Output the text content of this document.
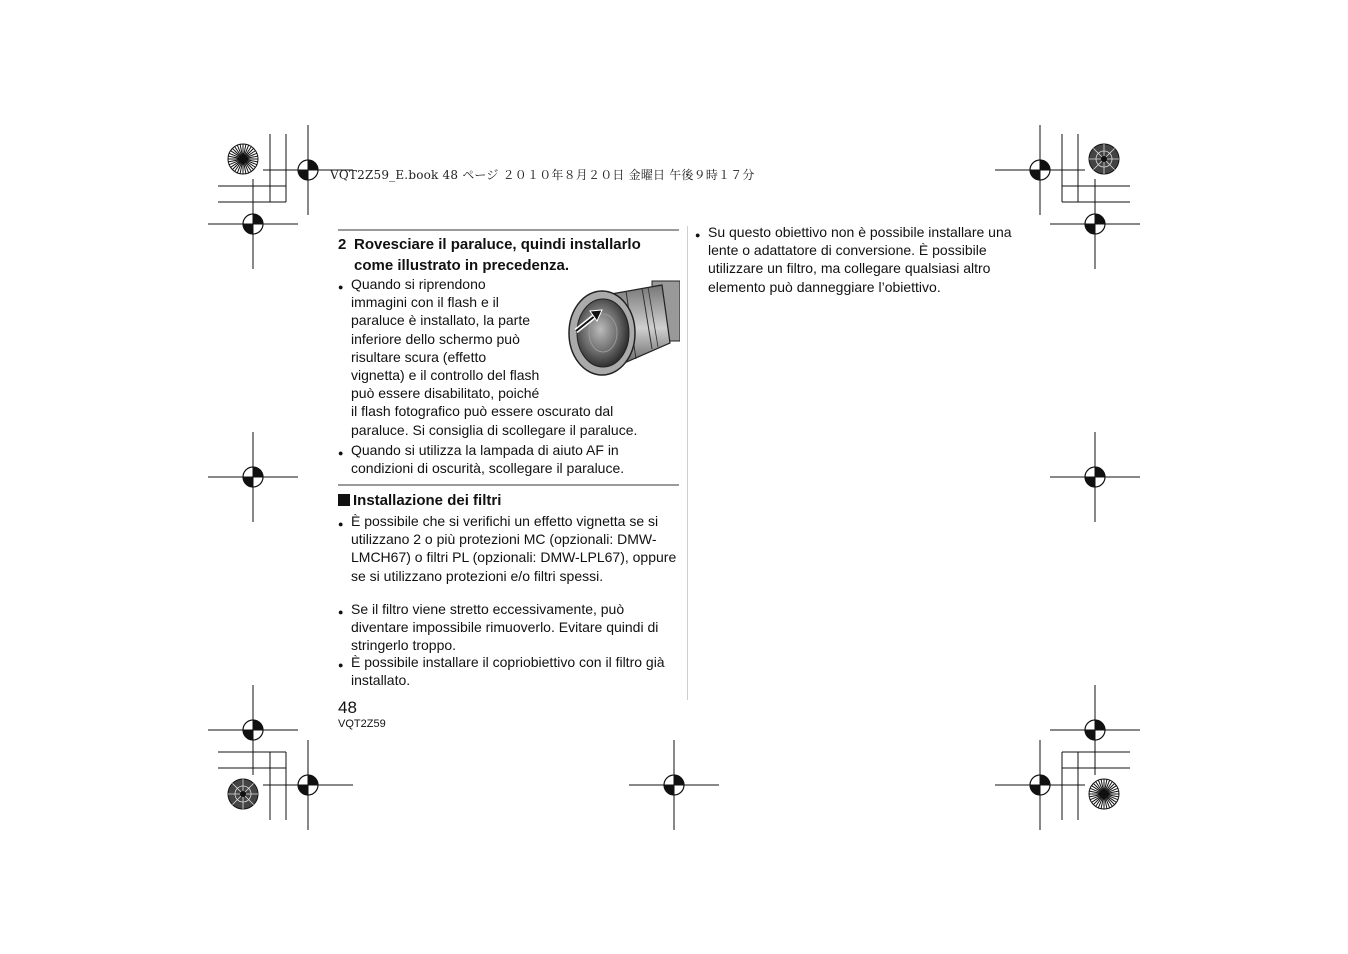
VQT2Z59_E.book 48 ページ ２０１０年８月２０日 金曜日 午後９時１７分
2 Rovesciare il paraluce, quindi installarlo come illustrato in precedenza.
● Quando si riprendono
immagini con il flash e il
paraluce è installato, la parte
inferiore dello schermo può
risultare scura (effetto
vignetta) e il controllo del flash
può essere disabilitato, poiché
il flash fotografico può essere oscurato dal
paraluce. Si consiglia di scollegare il paraluce.
● Quando si utilizza la lampada di aiuto AF in condizioni di oscurità, scollegare il paraluce.
Installazione dei filtri
● È possibile che si verifichi un effetto vignetta se si utilizzano 2 o più protezioni MC (opzionali: DMW-LMCH67) o filtri PL (opzionali: DMW-LPL67), oppure se si utilizzano protezioni e/o filtri spessi.
● Se il filtro viene stretto eccessivamente, può diventare impossibile rimuoverlo. Evitare quindi di stringerlo troppo.
● È possibile installare il copriobiettivo con il filtro già installato.
● Su questo obiettivo non è possibile installare una lente o adattatore di conversione. È possibile utilizzare un filtro, ma collegare qualsiasi altro elemento può danneggiare l’obiettivo.
48
VQT2Z59
